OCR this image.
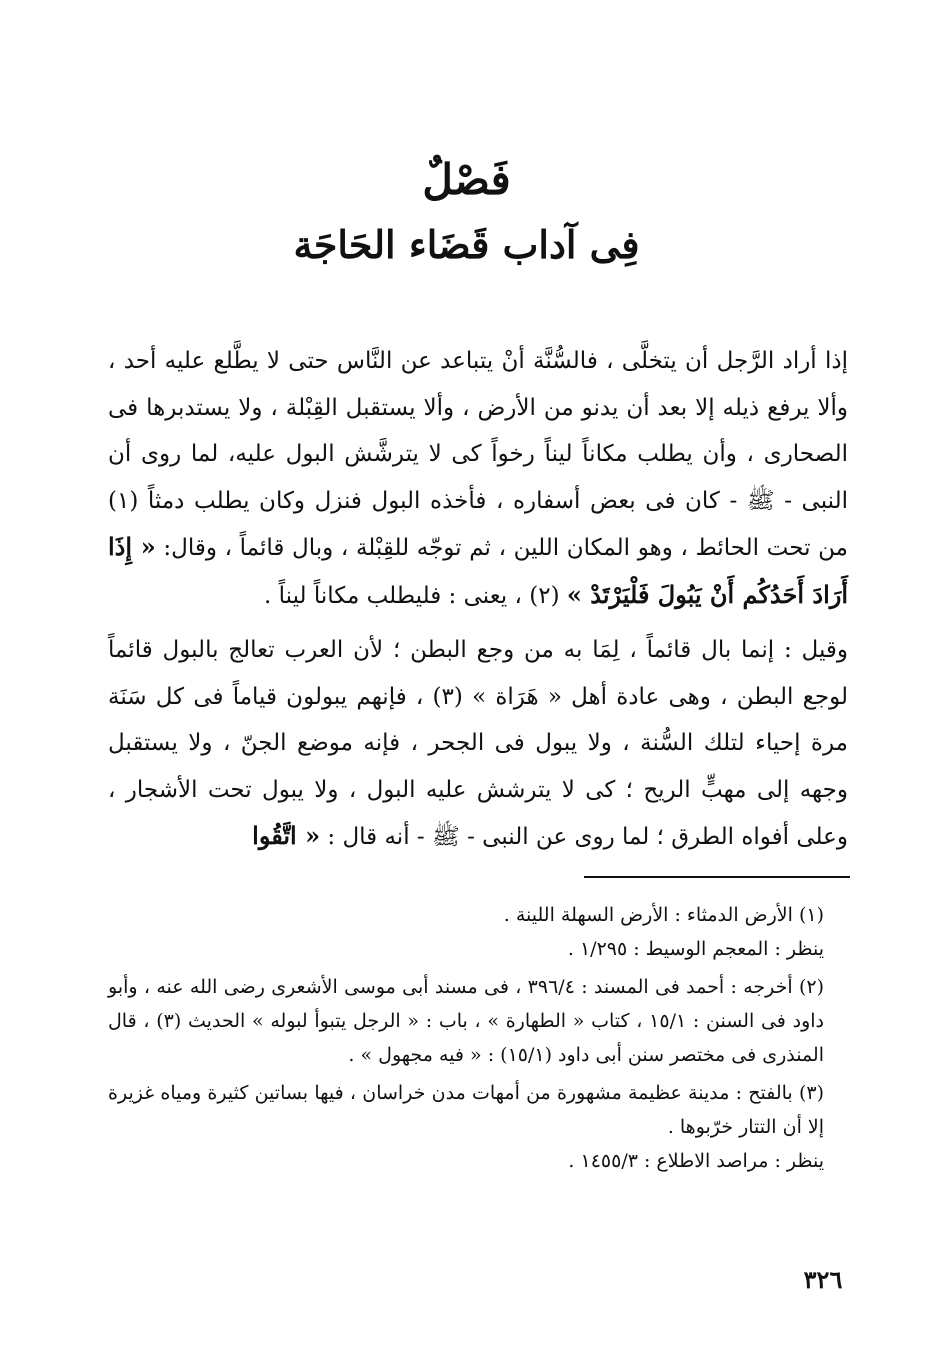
فَصْلٌ
فِى آداب قَضَاء الحَاجَة

إذا أراد الرَّجل أن يتخلَّى ، فالسُّنَّة أنْ يتباعد عن النَّاس حتى لا يطَّلع عليه أحد ، وألا يرفع ذيله إلا بعد أن يدنو من الأرض ، وألا يستقبل القِبْلة ، ولا يستدبرها فى الصحارى ، وأن يطلب مكاناً ليناً رخواً كى لا يترشَّش البول عليه، لما روى أن النبى - ﷺ - كان فى بعض أسفاره ، فأخذه البول فنزل وكان يطلب دمثاً (١) من تحت الحائط ، وهو المكان اللين ، ثم توجّه للقِبْلة ، وبال قائماً ، وقال: « إِذَا أَرَادَ أَحَدُكُم أَنْ يَبُولَ فَلْيَرْتَدْ » (٢) ، يعنى : فليطلب مكاناً ليناً .

وقيل : إنما بال قائماً ، لِمَا به من وجع البطن ؛ لأن العرب تعالج بالبول قائماً لوجع البطن ، وهى عادة أهل « هَرَاة » (٣) ، فإنهم يبولون قياماً فى كل سَنَة مرة إحياء لتلك السُّنة ، ولا يبول فى الجحر ، فإنه موضع الجنّ ، ولا يستقبل وجهه إلى مهبٍّ الريح ؛ كى لا يترشش عليه البول ، ولا يبول تحت الأشجار ، وعلى أفواه الطرق ؛ لما روى عن النبى - ﷺ - أنه قال : « اتَّقُوا

(١) الأرض الدمثاء : الأرض السهلة اللينة .

ينظر : المعجم الوسيط : ١/٢٩٥ .

(٢) أخرجه : أحمد فى المسند : ٣٩٦/٤ ، فى مسند أبى موسى الأشعرى رضى الله عنه ، وأبو داود فى السنن : ١٥/١ ، كتاب « الطهارة » ، باب : « الرجل يتبوأ لبوله » الحديث (٣) ، قال المنذرى فى مختصر سنن أبى داود (١٥/١) : « فيه مجهول » .

(٣) بالفتح : مدينة عظيمة مشهورة من أمهات مدن خراسان ، فيها بساتين كثيرة ومياه غزيرة إلا أن التتار خرّبوها .

ينظر : مراصد الاطلاع : ١٤٥٥/٣ .

٣٢٦
